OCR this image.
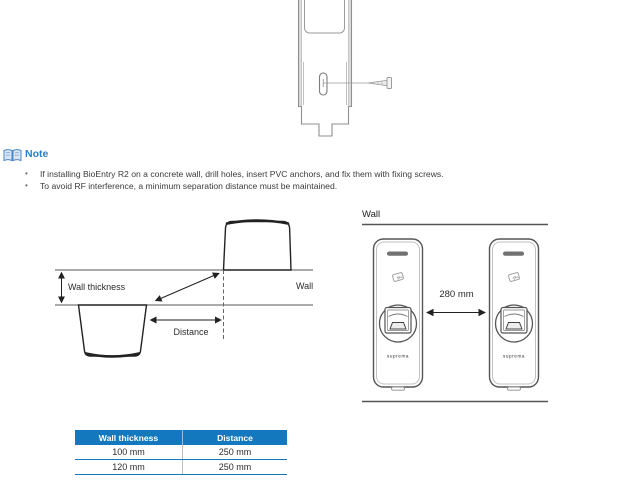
Note
•	If installing BioEntry R2 on a concrete wall, drill holes, insert PVC anchors, and fix them with fixing screws.
•	To avoid RF interference, a minimum separation distance must be maintained.
Wall thickness	Wall
Distance
Wall
suprema	suprema
280 mm
Wall thickness	Distance
100 mm	250 mm
120 mm	250 mm
